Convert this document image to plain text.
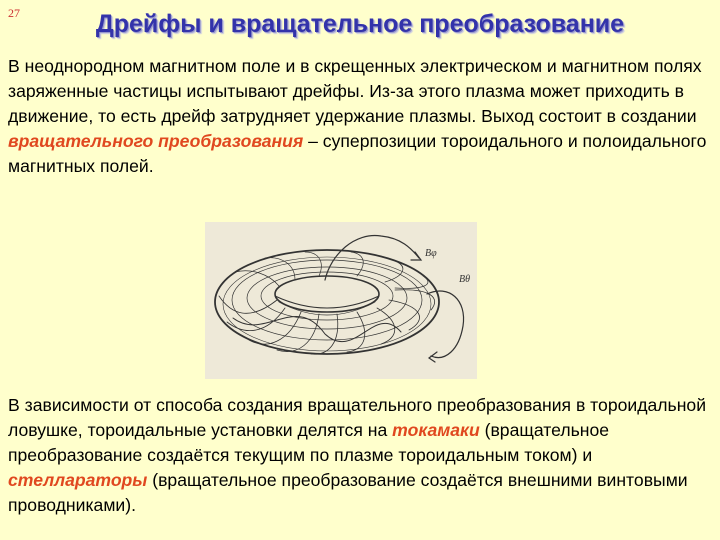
27	Дрейфы и вращательное преобразование
В неоднородном магнитном поле и в скрещенных электрическом и магнитном полях заряженные частицы испытывают дрейфы. Из-за этого плазма может приходить в движение, то есть дрейф затрудняет удержание плазмы. Выход состоит в создании вращательного преобразования – суперпозиции тороидального и полоидального магнитных полей.
Bφ
Bθ
В зависимости от способа создания вращательного преобразования в тороидальной ловушке, тороидальные установки делятся на токамаки (вращательное преобразование создаётся текущим по плазме тороидальным током) и стеллараторы (вращательное преобразование создаётся внешними винтовыми проводниками).
